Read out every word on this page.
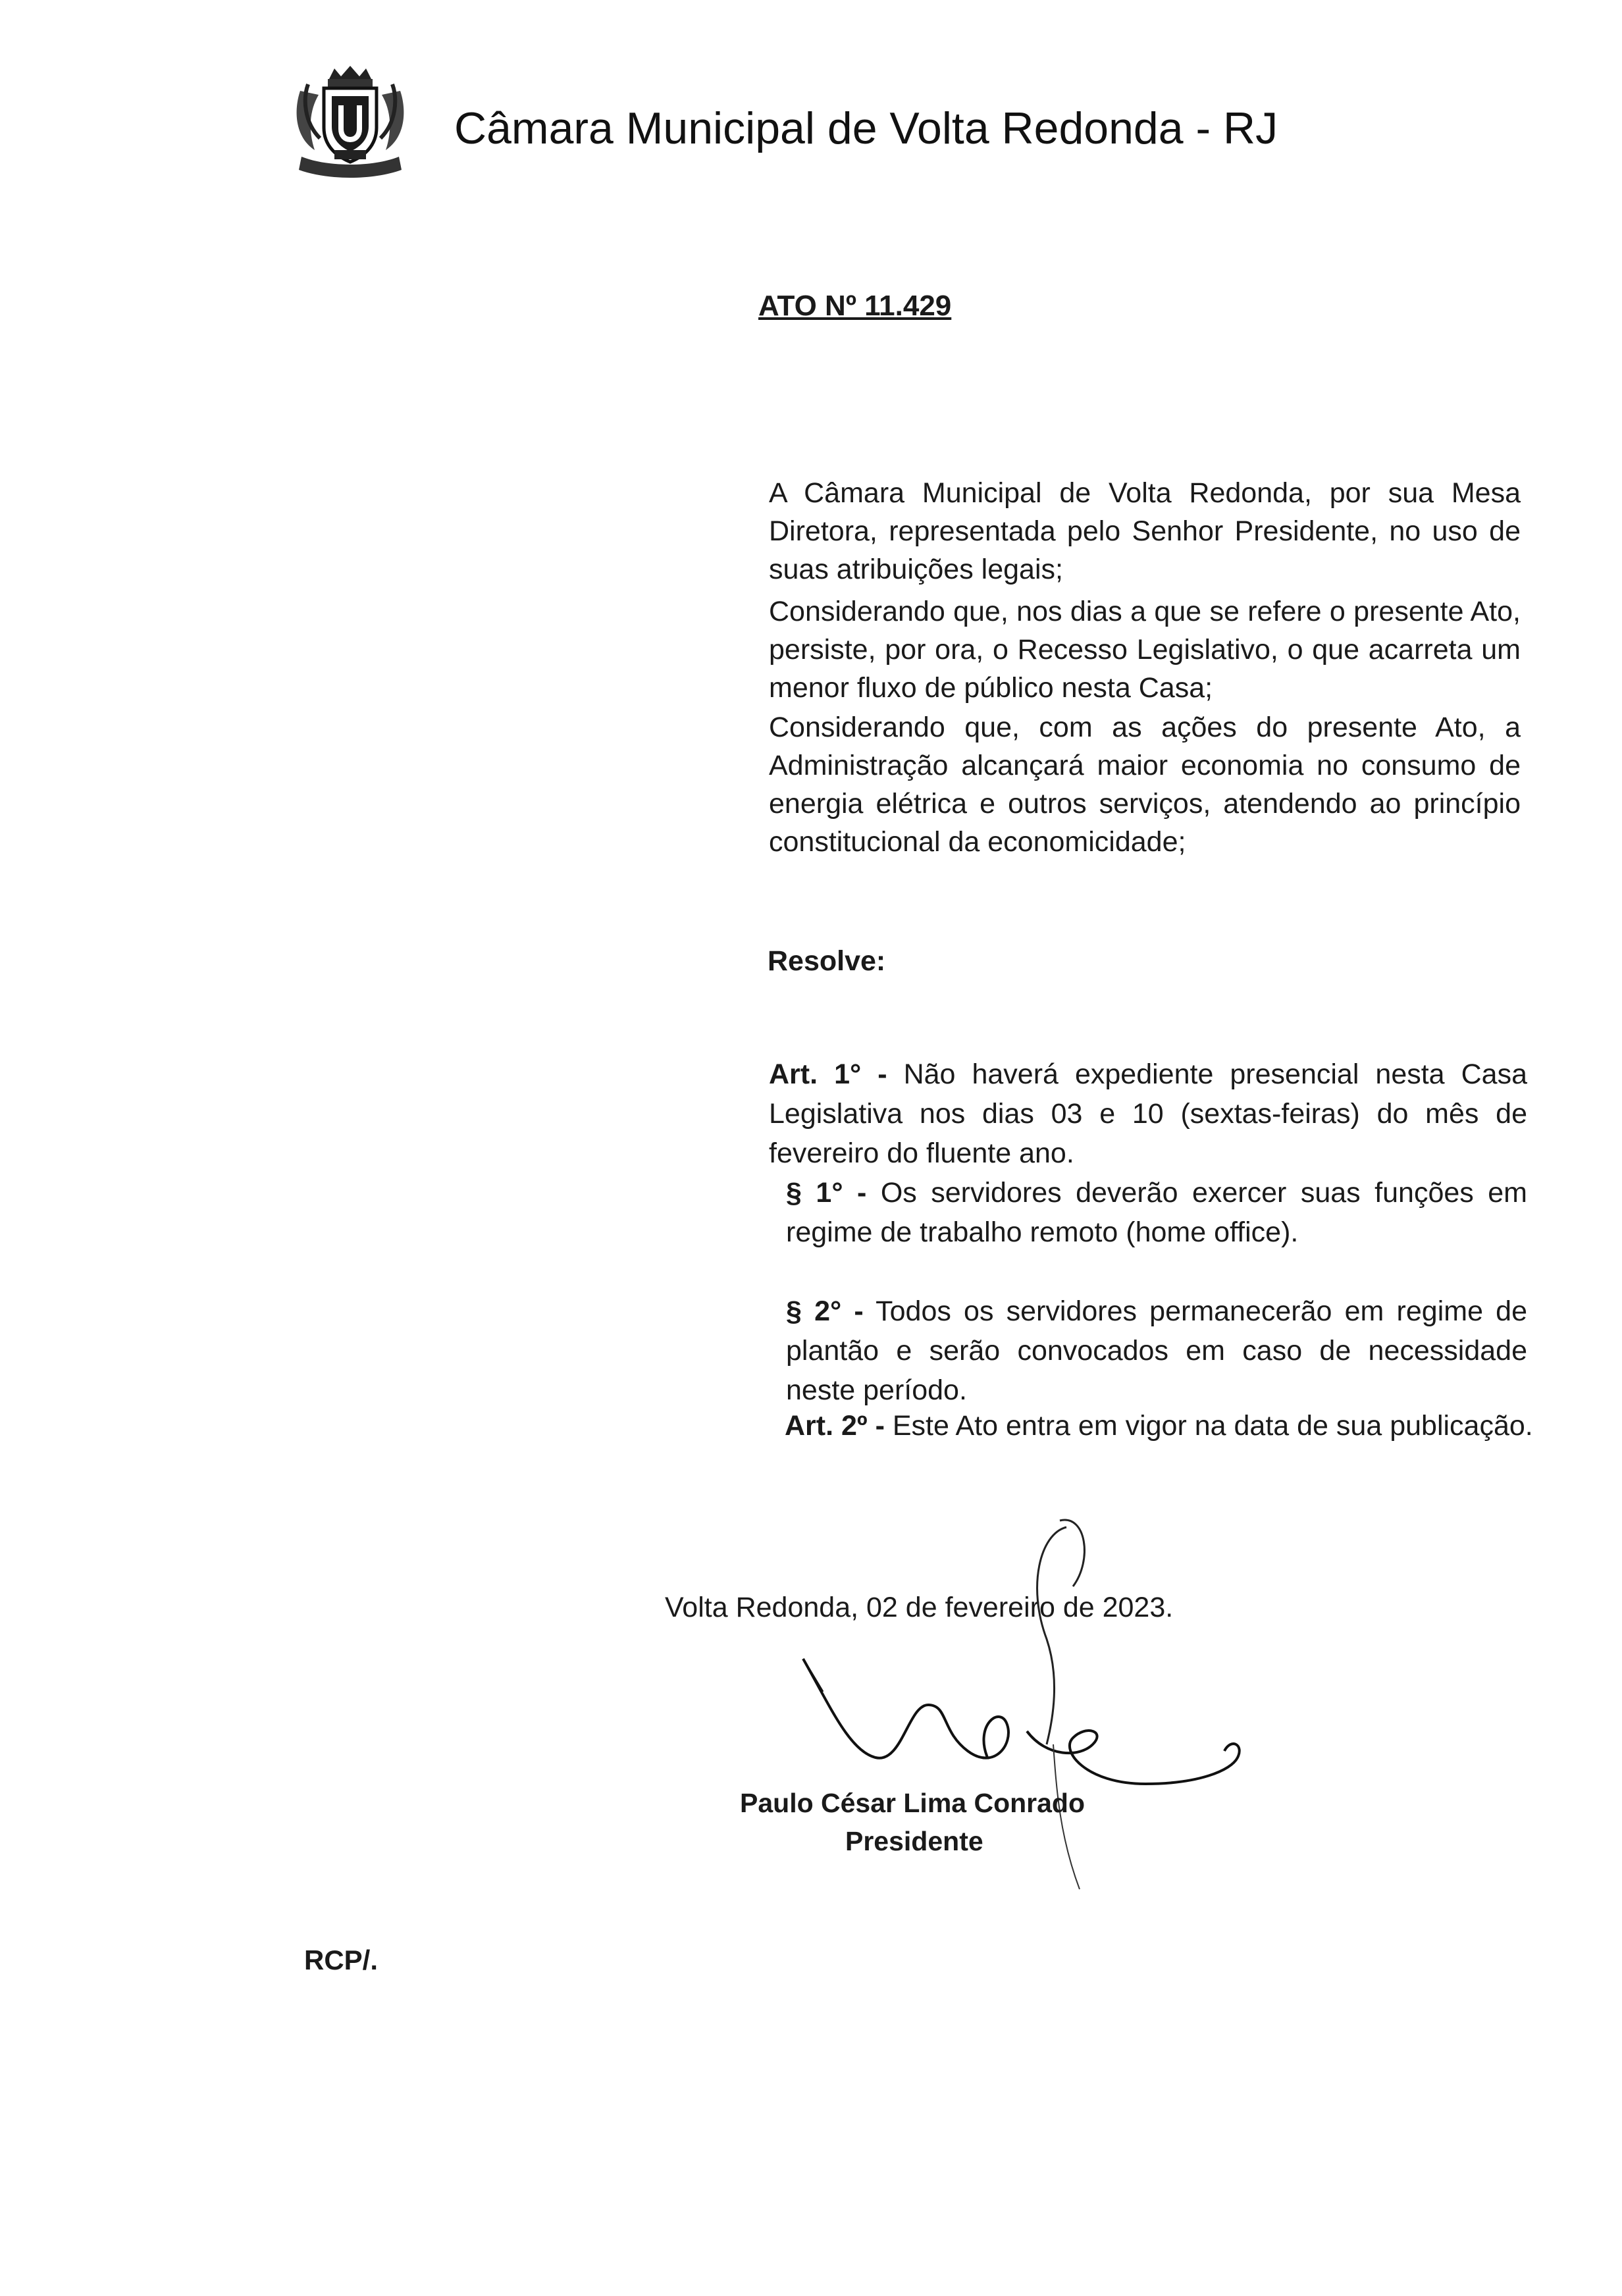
Câmara Municipal de Volta Redonda - RJ
ATO Nº 11.429
A Câmara Municipal de Volta Redonda, por sua Mesa Diretora, representada pelo Senhor Presidente, no uso de suas atribuições legais;
Considerando que, nos dias a que se refere o presente Ato, persiste, por ora, o Recesso Legislativo, o que acarreta um menor fluxo de público nesta Casa;
Considerando que, com as ações do presente Ato, a Administração alcançará maior economia no consumo de energia elétrica e outros serviços, atendendo ao princípio constitucional da economicidade;
Resolve:
Art. 1° - Não haverá expediente presencial nesta Casa Legislativa nos dias 03 e 10 (sextas-feiras) do mês de fevereiro do fluente ano.
§ 1° - Os servidores deverão exercer suas funções em regime de trabalho remoto (home office).
§ 2° - Todos os servidores permanecerão em regime de plantão e serão convocados em caso de necessidade neste período.
Art. 2º - Este Ato entra em vigor na data de sua publicação.
Volta Redonda, 02 de fevereiro de 2023.
Paulo César Lima Conrado
Presidente
RCP/.
